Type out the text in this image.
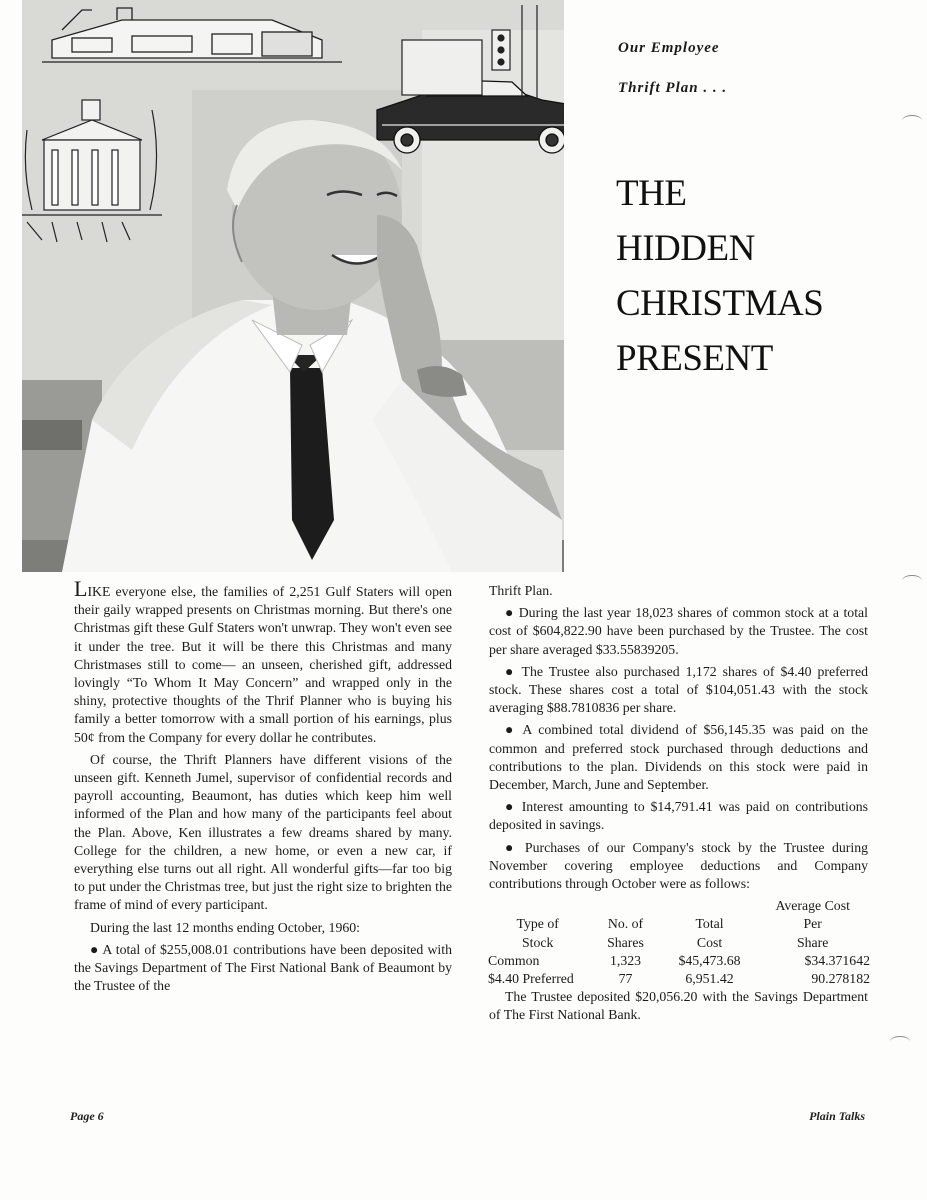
Our Employee
Thrift Plan . . .
THE
HIDDEN
CHRISTMAS
PRESENT

LIKE everyone else, the families of 2,251 Gulf Staters will open their gaily wrapped presents on Christmas morning. But there's one Christmas gift these Gulf Staters won't unwrap. They won't even see it under the tree. But it will be there this Christmas and many Christmases still to come— an unseen, cherished gift, addressed lovingly “To Whom It May Concern” and wrapped only in the shiny, protective thoughts of the Thrif Planner who is buying his family a better tomorrow with a small portion of his earnings, plus 50¢ from the Company for every dollar he contributes.

Of course, the Thrift Planners have different visions of the unseen gift. Kenneth Jumel, supervisor of confidential records and payroll accounting, Beaumont, has duties which keep him well informed of the Plan and how many of the participants feel about the Plan. Above, Ken illustrates a few dreams shared by many. College for the children, a new home, or even a new car, if everything else turns out all right. All wonderful gifts—far too big to put under the Christmas tree, but just the right size to brighten the frame of mind of every participant.

During the last 12 months ending October, 1960:

● A total of $255,008.01 contributions have been deposited with the Savings Department of The First National Bank of Beaumont by the Trustee of the

Thrift Plan.

● During the last year 18,023 shares of common stock at a total cost of $604,822.90 have been purchased by the Trustee. The cost per share averaged $33.55839205.

● The Trustee also purchased 1,172 shares of $4.40 preferred stock. These shares cost a total of $104,051.43 with the stock averaging $88.7810836 per share.

● A combined total dividend of $56,145.35 was paid on the common and preferred stock purchased through deductions and contributions to the plan. Dividends on this stock were paid in December, March, June and September.

● Interest amounting to $14,791.41 was paid on contributions deposited in savings.

● Purchases of our Company's stock by the Trustee during November covering employee deductions and Company contributions through October were as follows:

			Average Cost
Type of	No. of	Total	Per
Stock	Shares	Cost	Share
Common	1,323	$45,473.68	$34.371642
$4.40 Preferred	77	6,951.42	90.278182

The Trustee deposited $20,056.20 with the Savings Department of The First National Bank.

Page 6	Plain Talks
